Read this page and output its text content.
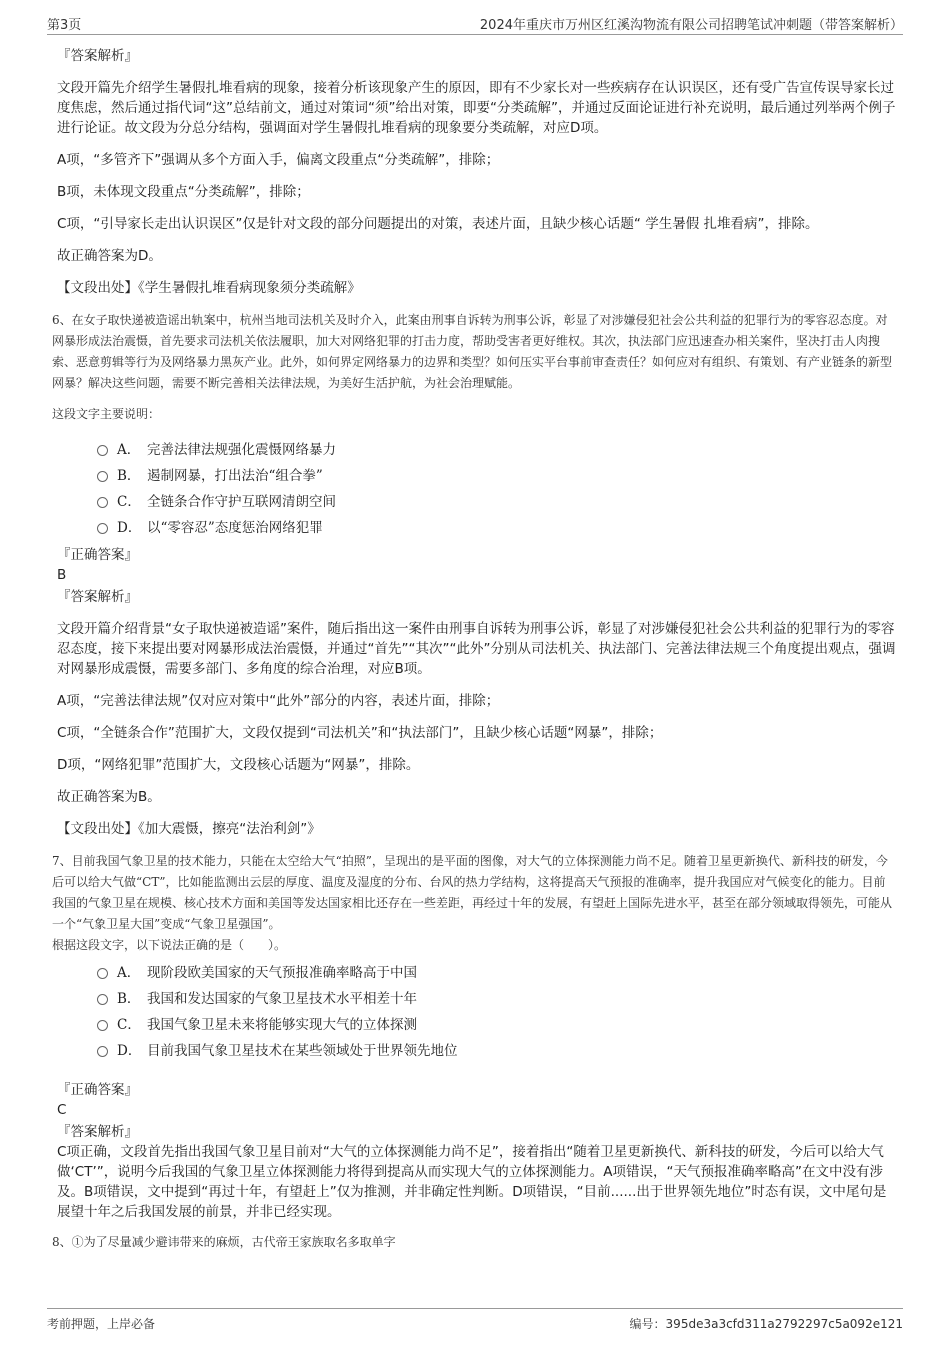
第3页	2024年重庆市万州区红溪沟物流有限公司招聘笔试冲刺题（带答案解析）

『答案解析』

文段开篇先介绍学生暑假扎堆看病的现象，接着分析该现象产生的原因，即有不少家长对一些疾病存在认识误区，还有受广告宣传误导家长过度焦虑，然后通过指代词“这”总结前文，通过对策词“须”给出对策，即要“分类疏解”，并通过反面论证进行补充说明，最后通过列举两个例子进行论证。故文段为分总分结构，强调面对学生暑假扎堆看病的现象要分类疏解，对应D项。

A项，“多管齐下”强调从多个方面入手，偏离文段重点“分类疏解”，排除；

B项，未体现文段重点“分类疏解”，排除；

C项，“引导家长走出认识误区”仅是针对文段的部分问题提出的对策，表述片面，且缺少核心话题“ 学生暑假 扎堆看病”，排除。

故正确答案为D。

【文段出处】《学生暑假扎堆看病现象须分类疏解》

6、在女子取快递被造谣出轨案中，杭州当地司法机关及时介入，此案由刑事自诉转为刑事公诉，彰显了对涉嫌侵犯社会公共利益的犯罪行为的零容忍态度。对网暴形成法治震慑，首先要求司法机关依法履职，加大对网络犯罪的打击力度，帮助受害者更好维权。其次，执法部门应迅速查办相关案件，坚决打击人肉搜索、恶意剪辑等行为及网络暴力黑灰产业。此外，如何界定网络暴力的边界和类型？如何压实平台事前审查责任？如何应对有组织、有策划、有产业链条的新型网暴？解决这些问题，需要不断完善相关法律法规，为美好生活护航，为社会治理赋能。

这段文字主要说明：

A． 完善法律法规强化震慑网络暴力
B． 遏制网暴，打出法治“组合拳”
C． 全链条合作守护互联网清朗空间
D． 以“零容忍”态度惩治网络犯罪

『正确答案』

B

『答案解析』

文段开篇介绍背景“女子取快递被造谣”案件，随后指出这一案件由刑事自诉转为刑事公诉，彰显了对涉嫌侵犯社会公共利益的犯罪行为的零容忍态度，接下来提出要对网暴形成法治震慑，并通过“首先”“其次”“此外”分别从司法机关、执法部门、完善法律法规三个角度提出观点，强调对网暴形成震慑，需要多部门、多角度的综合治理，对应B项。

A项，“完善法律法规”仅对应对策中“此外”部分的内容，表述片面，排除；

C项，“全链条合作”范围扩大，文段仅提到“司法机关”和“执法部门”，且缺少核心话题“网暴”，排除；

D项，“网络犯罪”范围扩大，文段核心话题为“网暴”，排除。

故正确答案为B。

【文段出处】《加大震慑，擦亮“法治利剑”》

7、目前我国气象卫星的技术能力，只能在太空给大气“拍照”，呈现出的是平面的图像，对大气的立体探测能力尚不足。随着卫星更新换代、新科技的研发，今后可以给大气做“CT”，比如能监测出云层的厚度、温度及湿度的分布、台风的热力学结构，这将提高天气预报的准确率，提升我国应对气候变化的能力。目前我国的气象卫星在规模、核心技术方面和美国等发达国家相比还存在一些差距，再经过十年的发展，有望赶上国际先进水平，甚至在部分领域取得领先，可能从一个“气象卫星大国”变成“气象卫星强国”。

根据这段文字，以下说法正确的是（　　）。

A． 现阶段欧美国家的天气预报准确率略高于中国
B． 我国和发达国家的气象卫星技术水平相差十年
C． 我国气象卫星未来将能够实现大气的立体探测
D． 目前我国气象卫星技术在某些领域处于世界领先地位

『正确答案』

C

『答案解析』

C项正确，文段首先指出我国气象卫星目前对“大气的立体探测能力尚不足”，接着指出“随着卫星更新换代、新科技的研发，今后可以给大气做‘CT’”，说明今后我国的气象卫星立体探测能力将得到提高从而实现大气的立体探测能力。A项错误，“天气预报准确率略高”在文中没有涉及。B项错误，文中提到“再过十年，有望赶上”仅为推测，并非确定性判断。D项错误，“目前......出于世界领先地位”时态有误，文中尾句是展望十年之后我国发展的前景，并非已经实现。

8、①为了尽量减少避讳带来的麻烦，古代帝王家族取名多取单字

考前押题，上岸必备	编号：395de3a3cfd311a2792297c5a092e121
